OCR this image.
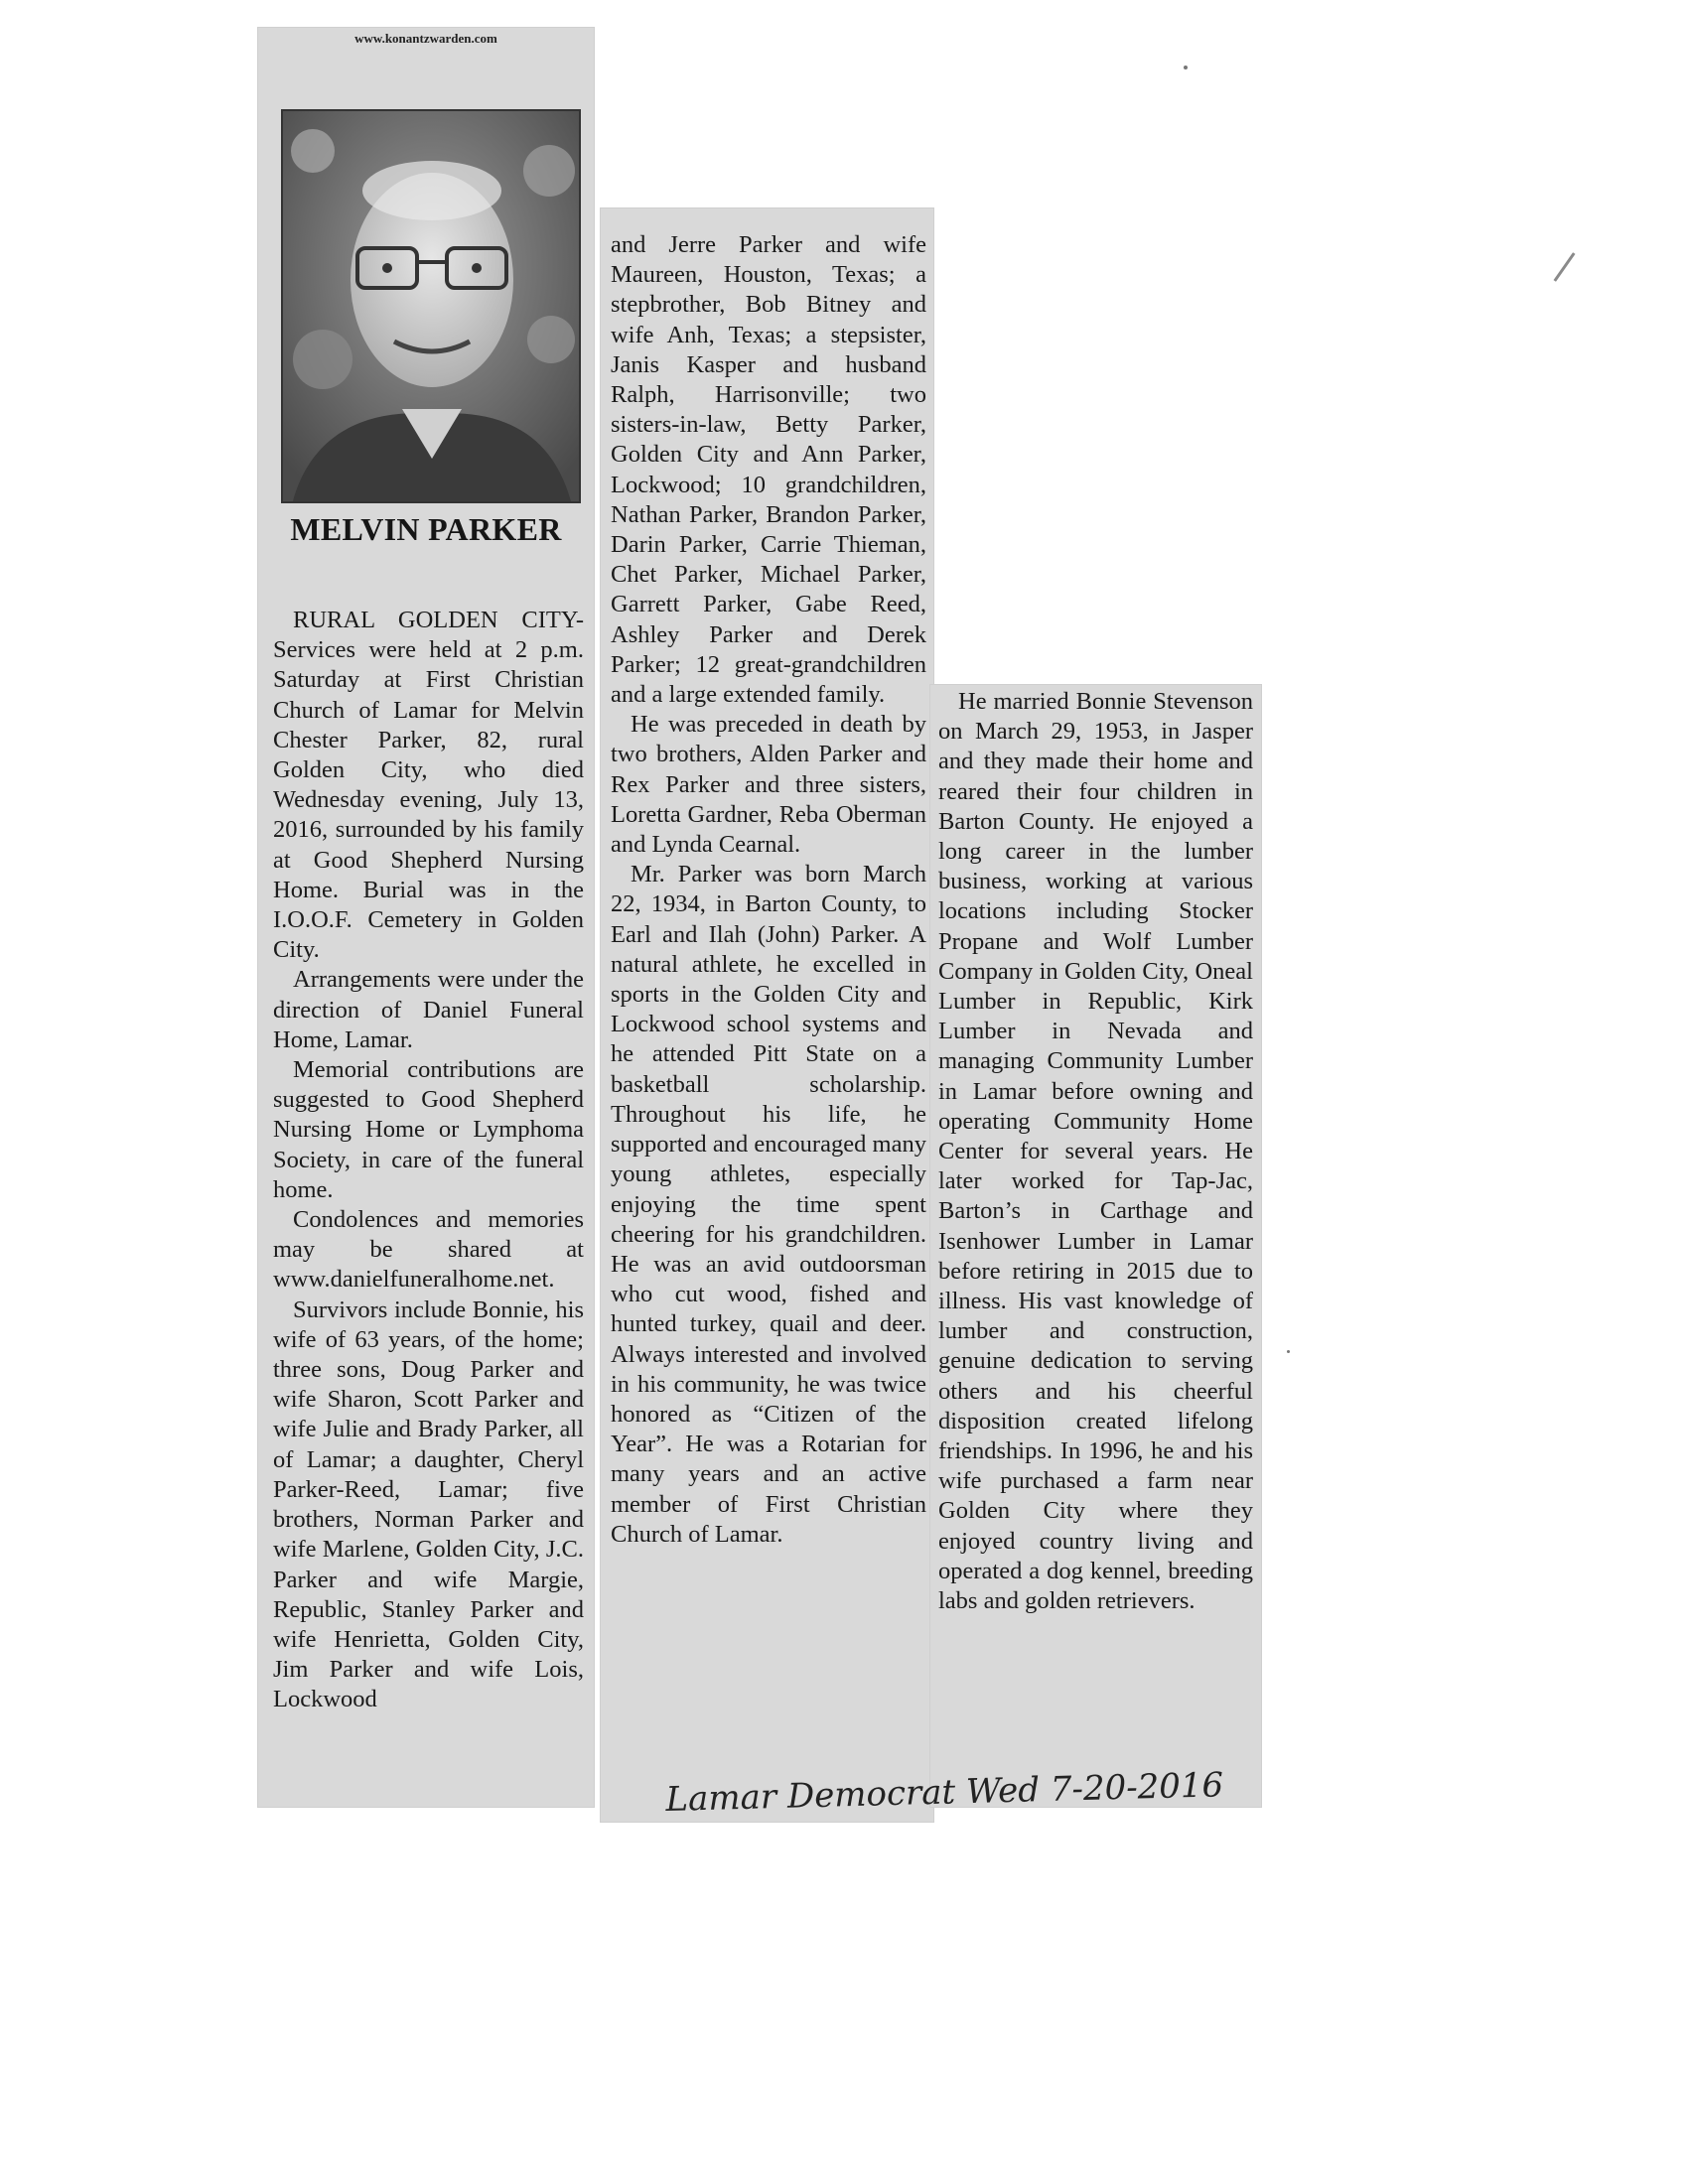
www.konantzwarden.com
MELVIN PARKER

RURAL GOLDEN CITY-Services were held at 2 p.m. Saturday at First Christian Church of Lamar for Melvin Chester Parker, 82, rural Golden City, who died Wednesday evening, July 13, 2016, surrounded by his family at Good Shepherd Nursing Home. Burial was in the I.O.O.F. Cemetery in Golden City.

Arrangements were under the direction of Daniel Funeral Home, Lamar.

Memorial contributions are suggested to Good Shepherd Nursing Home or Lymphoma Society, in care of the funeral home.

Condolences and memories may be shared at www.danielfuneralhome.net.

Survivors include Bonnie, his wife of 63 years, of the home; three sons, Doug Parker and wife Sharon, Scott Parker and wife Julie and Brady Parker, all of Lamar; a daughter, Cheryl Parker-Reed, Lamar; five brothers, Norman Parker and wife Marlene, Golden City, J.C. Parker and wife Margie, Republic, Stanley Parker and wife Henrietta, Golden City, Jim Parker and wife Lois, Lockwood

and Jerre Parker and wife Maureen, Houston, Texas; a stepbrother, Bob Bitney and wife Anh, Texas; a stepsister, Janis Kasper and husband Ralph, Harrisonville; two sisters-in-law, Betty Parker, Golden City and Ann Parker, Lockwood; 10 grandchildren, Nathan Parker, Brandon Parker, Darin Parker, Carrie Thieman, Chet Parker, Michael Parker, Garrett Parker, Gabe Reed, Ashley Parker and Derek Parker; 12 great-grandchildren and a large extended family.

He was preceded in death by two brothers, Alden Parker and Rex Parker and three sisters, Loretta Gardner, Reba Oberman and Lynda Cearnal.

Mr. Parker was born March 22, 1934, in Barton County, to Earl and Ilah (John) Parker. A natural athlete, he excelled in sports in the Golden City and Lockwood school systems and he attended Pitt State on a basketball scholarship. Throughout his life, he supported and encouraged many young athletes, especially enjoying the time spent cheering for his grandchildren. He was an avid outdoorsman who cut wood, fished and hunted turkey, quail and deer. Always interested and involved in his community, he was twice honored as “Citizen of the Year”. He was a Rotarian for many years and an active member of First Christian Church of Lamar.

He married Bonnie Stevenson on March 29, 1953, in Jasper and they made their home and reared their four children in Barton County. He enjoyed a long career in the lumber business, working at various locations including Stocker Propane and Wolf Lumber Company in Golden City, Oneal Lumber in Republic, Kirk Lumber in Nevada and managing Community Lumber in Lamar before owning and operating Community Home Center for several years. He later worked for Tap-Jac, Barton’s in Carthage and Isenhower Lumber in Lamar before retiring in 2015 due to illness. His vast knowledge of lumber and construction, genuine dedication to serving others and his cheerful disposition created lifelong friendships. In 1996, he and his wife purchased a farm near Golden City where they enjoyed country living and operated a dog kennel, breeding labs and golden retrievers.

Lamar Democrat Wed 7-20-2016
